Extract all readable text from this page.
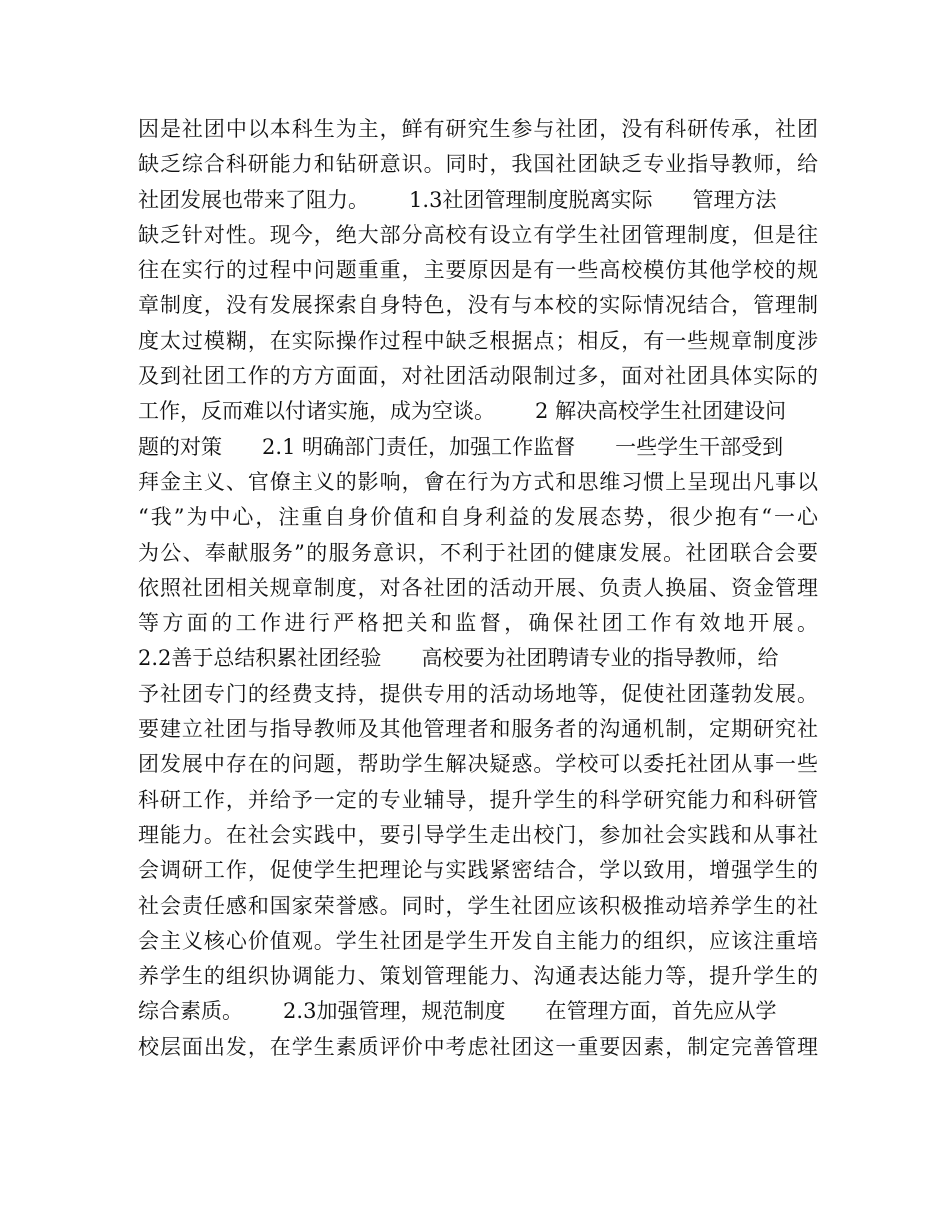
因是社团中以本科生为主，鲜有研究生参与社团，没有科研传承，社团
缺乏综合科研能力和钻研意识。同时，我国社团缺乏专业指导教师，给
社团发展也带来了阻力。      1.3社团管理制度脱离实际      管理方法
缺乏针对性。现今，绝大部分高校有设立有学生社团管理制度，但是往
往在实行的过程中问题重重，主要原因是有一些高校模仿其他学校的规
章制度，没有发展探索自身特色，没有与本校的实际情况结合，管理制
度太过模糊，在实际操作过程中缺乏根据点；相反，有一些规章制度涉
及到社团工作的方方面面，对社团活动限制过多，面对社团具体实际的
工作，反而难以付诸实施，成为空谈。      2 解决高校学生社团建设问
题的对策      2.1 明确部门责任，加强工作监督      一些学生干部受到
拜金主义、官僚主义的影响，會在行为方式和思维习惯上呈现出凡事以
“我”为中心，注重自身价值和自身利益的发展态势，很少抱有“一心
为公、奉献服务”的服务意识，不利于社团的健康发展。社团联合会要
依照社团相关规章制度，对各社团的活动开展、负责人换届、资金管理
等方面的工作进行严格把关和监督，确保社团工作有效地开展。
2.2善于总结积累社团经验      高校要为社团聘请专业的指导教师，给
予社团专门的经费支持，提供专用的活动场地等，促使社团蓬勃发展。
要建立社团与指导教师及其他管理者和服务者的沟通机制，定期研究社
团发展中存在的问题，帮助学生解决疑惑。学校可以委托社团从事一些
科研工作，并给予一定的专业辅导，提升学生的科学研究能力和科研管
理能力。在社会实践中，要引导学生走出校门，参加社会实践和从事社
会调研工作，促使学生把理论与实践紧密结合，学以致用，增强学生的
社会责任感和国家荣誉感。同时，学生社团应该积极推动培养学生的社
会主义核心价值观。学生社团是学生开发自主能力的组织，应该注重培
养学生的组织协调能力、策划管理能力、沟通表达能力等，提升学生的
综合素质。      2.3加强管理，规范制度      在管理方面，首先应从学
校层面出发，在学生素质评价中考虑社团这一重要因素，制定完善管理
